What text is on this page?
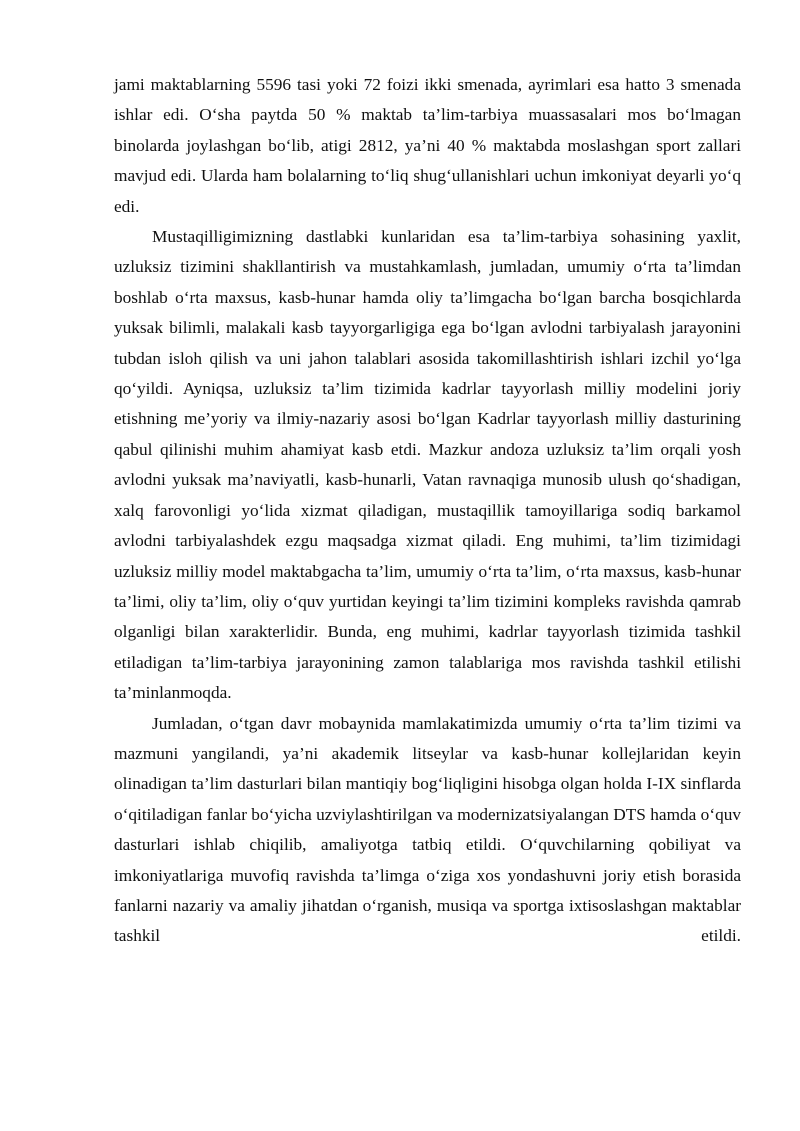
jami maktablarning 5596 tasi yoki 72 foizi ikki smenada, ayrimlari esa hatto 3 smenada ishlar edi. O‘sha paytda 50 % maktab ta’lim-tarbiya muassasalari mos bo‘lmagan binolarda joylashgan bo‘lib, atigi 2812, ya’ni 40 % maktabda moslashgan sport zallari mavjud edi. Ularda ham bolalarning to‘liq shug‘ullanishlari uchun imkoniyat deyarli yo‘q edi.

Mustaqilligimizning dastlabki kunlaridan esa ta’lim-tarbiya sohasining yaxlit, uzluksiz tizimini shakllantirish va mustahkamlash, jumladan, umumiy o‘rta ta’limdan boshlab o‘rta maxsus, kasb-hunar hamda oliy ta’limgacha bo‘lgan barcha bosqichlarda yuksak bilimli, malakali kasb tayyorgarligiga ega bo‘lgan avlodni tarbiyalash jarayonini tubdan isloh qilish va uni jahon talablari asosida takomillashtirish ishlari izchil yo‘lga qo‘yildi. Ayniqsa, uzluksiz ta’lim tizimida kadrlar tayyorlash milliy modelini joriy etishning me’yoriy va ilmiy-nazariy asosi bo‘lgan Kadrlar tayyorlash milliy dasturining qabul qilinishi muhim ahamiyat kasb etdi. Mazkur andoza uzluksiz ta’lim orqali yosh avlodni yuksak ma’naviyatli, kasb-hunarli, Vatan ravnaqiga munosib ulush qo‘shadigan, xalq farovonligi yo‘lida xizmat qiladigan, mustaqillik tamoyillariga sodiq barkamol avlodni tarbiyalashdek ezgu maqsadga xizmat qiladi. Eng muhimi, ta’lim tizimidagi uzluksiz milliy model maktabgacha ta’lim, umumiy o‘rta ta’lim, o‘rta maxsus, kasb-hunar ta’limi, oliy ta’lim, oliy o‘quv yurtidan keyingi ta’lim tizimini kompleks ravishda qamrab olganligi bilan xarakterlidir. Bunda, eng muhimi, kadrlar tayyorlash tizimida tashkil etiladigan ta’lim-tarbiya jarayonining zamon talablariga mos ravishda tashkil etilishi ta’minlanmoqda.

Jumladan, o‘tgan davr mobaynida mamlakatimizda umumiy o‘rta ta’lim tizimi va mazmuni yangilandi, ya’ni akademik litseylar va kasb-hunar kollejlaridan keyin olinadigan ta’lim dasturlari bilan mantiqiy bog‘liqligini hisobga olgan holda I-IX sinflarda o‘qitiladigan fanlar bo‘yicha uzviylashtirilgan va modernizatsiyalangan DTS hamda o‘quv dasturlari ishlab chiqilib, amaliyotga tatbiq etildi. O‘quvchilarning qobiliyat va imkoniyatlariga muvofiq ravishda ta’limga o‘ziga xos yondashuvni joriy etish borasida fanlarni nazariy va amaliy jihatdan o‘rganish, musiqa va sportga ixtisoslashgan maktablar tashkil etildi.
